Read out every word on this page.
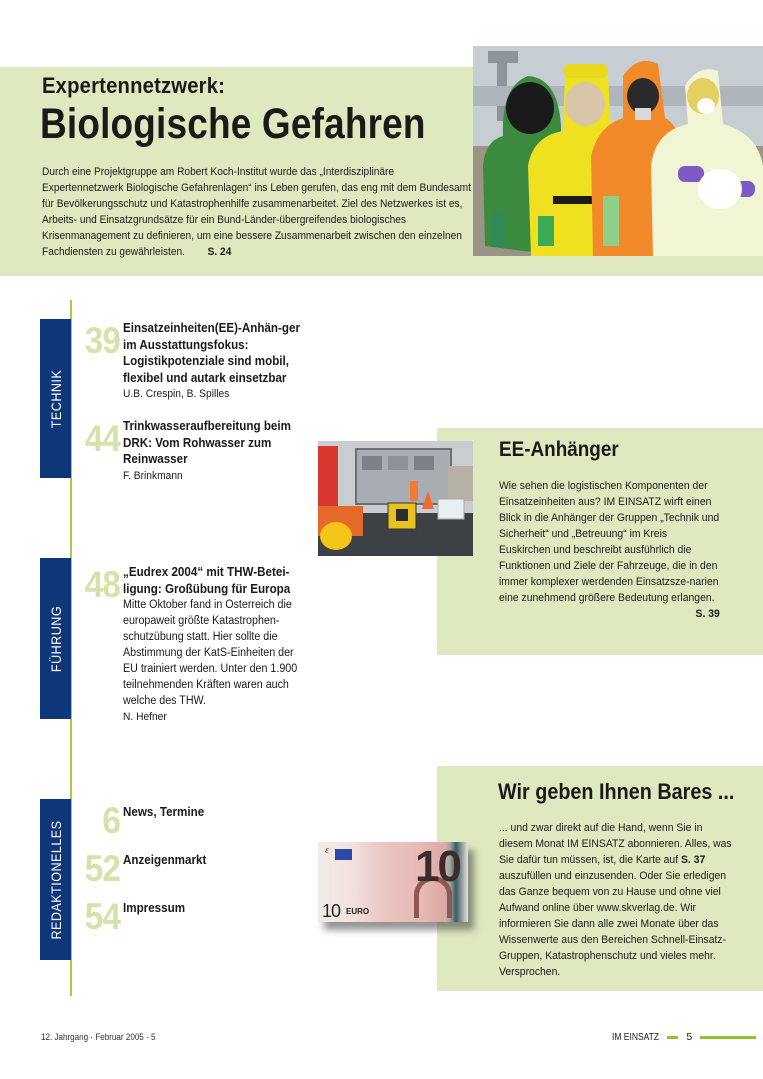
Expertennetzwerk:
Biologische Gefahren
Durch eine Projektgruppe am Robert Koch-Institut wurde das „Interdisziplinäre Expertennetzwerk Biologische Gefahrenlagen“ ins Leben gerufen, das eng mit dem Bundesamt für Bevölkerungsschutz und Katastrophenhilfe zusammenarbeitet. Ziel des Netzwerkes ist es, Arbeits- und Einsatzgrundsätze für ein Bund-Länder-übergreifendes biologisches Krisenmanagement zu definieren, um eine bessere Zusammenarbeit zwischen den einzelnen Fachdiensten zu gewährleisten. S. 24
TECHNIK
FÜHRUNG
REDAKTIONELLES
39 Einsatzeinheiten(EE)-Anhän-ger im Ausstattungsfokus: Logistikpotenziale sind mobil, flexibel und autark einsetzbar
U.B. Crespin, B. Spilles
44 Trinkwasseraufbereitung beim DRK: Vom Rohwasser zum Reinwasser
F. Brinkmann
48 „Eudrex 2004“ mit THW-Betei-ligung: Großübung für Europa
Mitte Oktober fand in Österreich die europaweit größte Katastrophen-schutzübung statt. Hier sollte die Abstimmung der KatS-Einheiten der EU trainiert werden. Unter den 1.900 teilnehmenden Kräften waren auch welche des THW.
N. Hefner
6 News, Termine
52 Anzeigenmarkt
54 Impressum
EE-Anhänger
Wie sehen die logistischen Komponenten der Einsatzeinheiten aus? IM EINSATZ wirft einen Blick in die Anhänger der Gruppen „Technik und Sicherheit“ und „Betreuung“ im Kreis Euskirchen und beschreibt ausführlich die Funktionen und Ziele der Fahrzeuge, die in den immer komplexer werdenden Einsatzsze-narien eine zunehmend größere Bedeutung erlangen.
S. 39
ε 10
10 EURO
Wir geben Ihnen Bares ...
... und zwar direkt auf die Hand, wenn Sie in diesem Monat IM EINSATZ abonnieren. Alles, was Sie dafür tun müssen, ist, die Karte auf S. 37 auszufüllen und einzusenden. Oder Sie erledigen das Ganze bequem von zu Hause und ohne viel Aufwand online über www.skverlag.de. Wir informieren Sie dann alle zwei Monate über das Wissenwerte aus den Bereichen Schnell-Einsatz-Gruppen, Katastrophenschutz und vieles mehr. Versprochen.
12. Jahrgang · Februar 2005 · 5	IM EINSATZ	5
